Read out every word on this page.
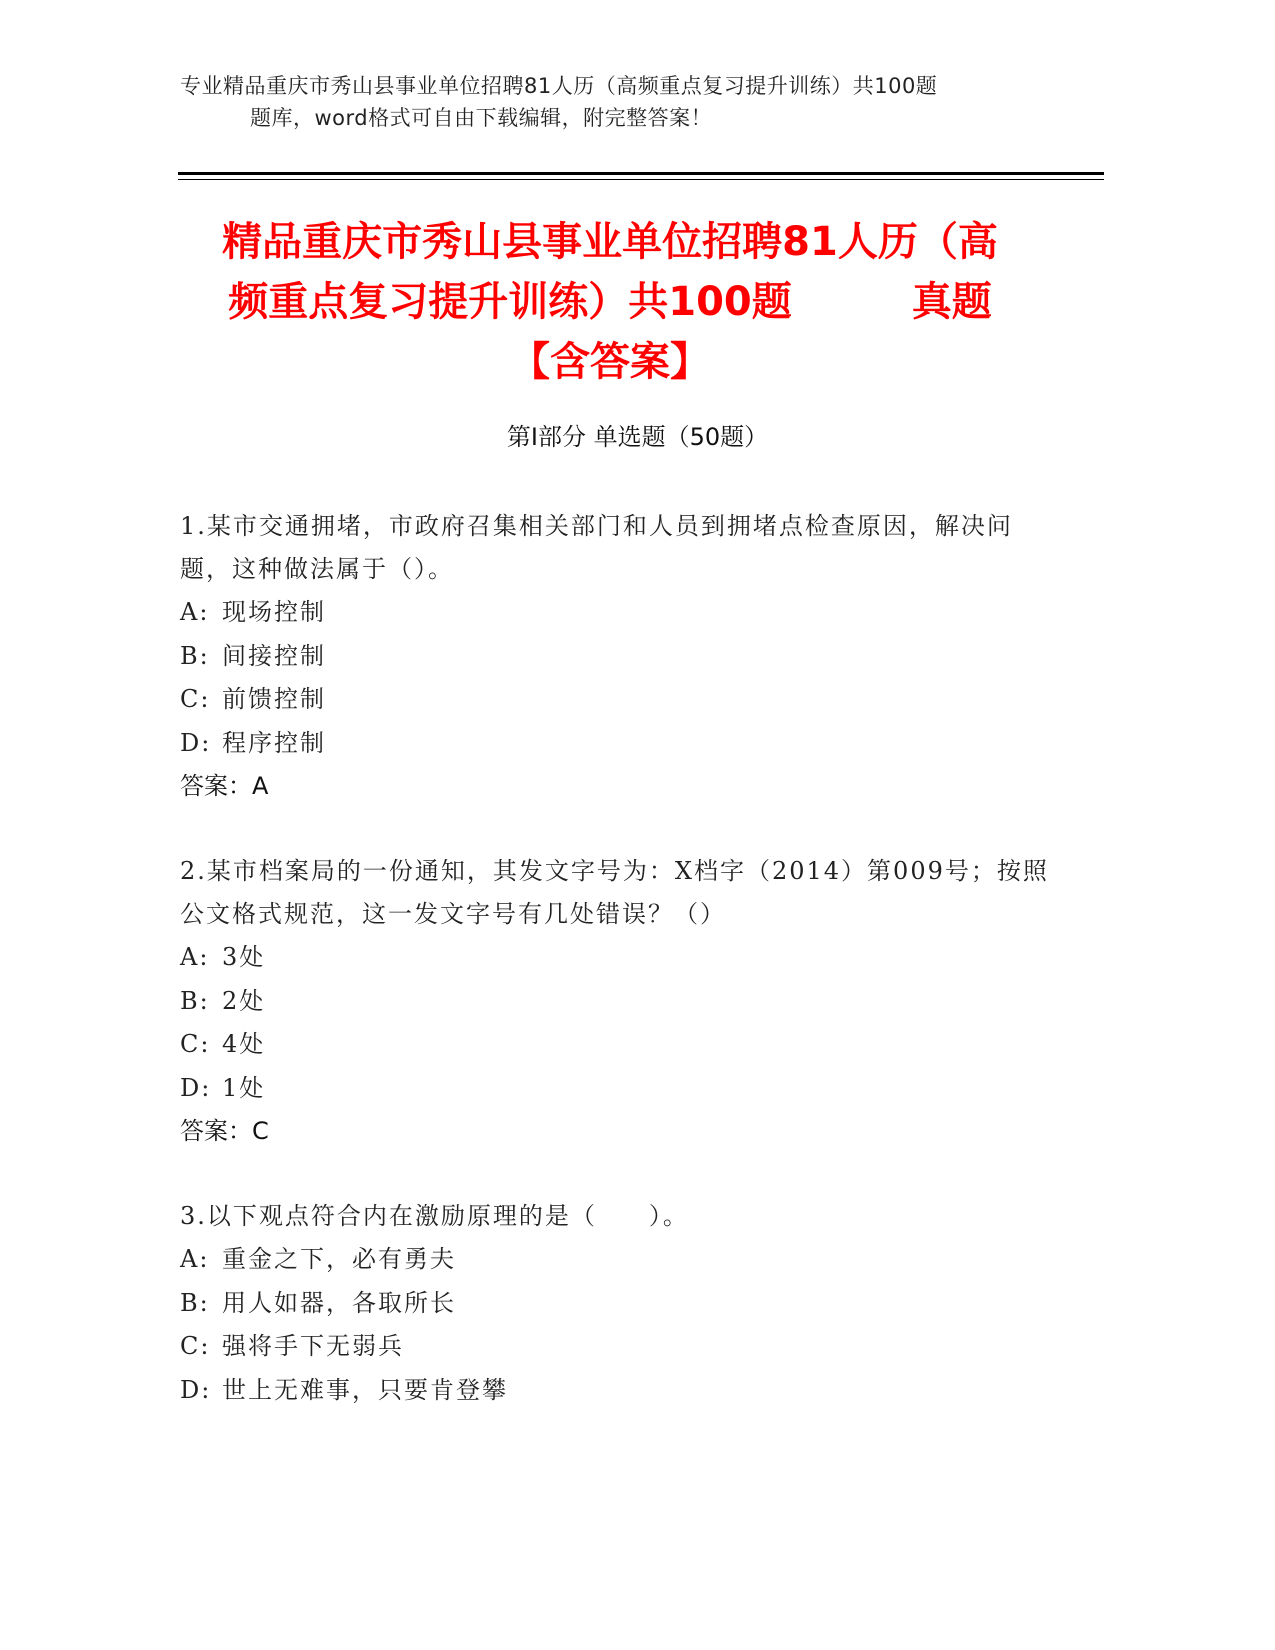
专业精品重庆市秀山县事业单位招聘81人历（高频重点复习提升训练）共100题
题库，word格式可自由下载编辑，附完整答案！
精品重庆市秀山县事业单位招聘81人历（高
频重点复习提升训练）共100题	真题
【含答案】
第Ⅰ部分 单选题（50题）
1.某市交通拥堵，市政府召集相关部门和人员到拥堵点检查原因，解决问题，这种做法属于（）。
A: 现场控制
B: 间接控制
C: 前馈控制
D: 程序控制
答案：A
2.某市档案局的一份通知，其发文字号为：X档字（2014）第009号；按照公文格式规范，这一发文字号有几处错误？（）
A: 3处
B: 2处
C: 4处
D: 1处
答案：C
3.以下观点符合内在激励原理的是（　　）。
A: 重金之下，必有勇夫
B: 用人如器，各取所长
C: 强将手下无弱兵
D: 世上无难事，只要肯登攀
